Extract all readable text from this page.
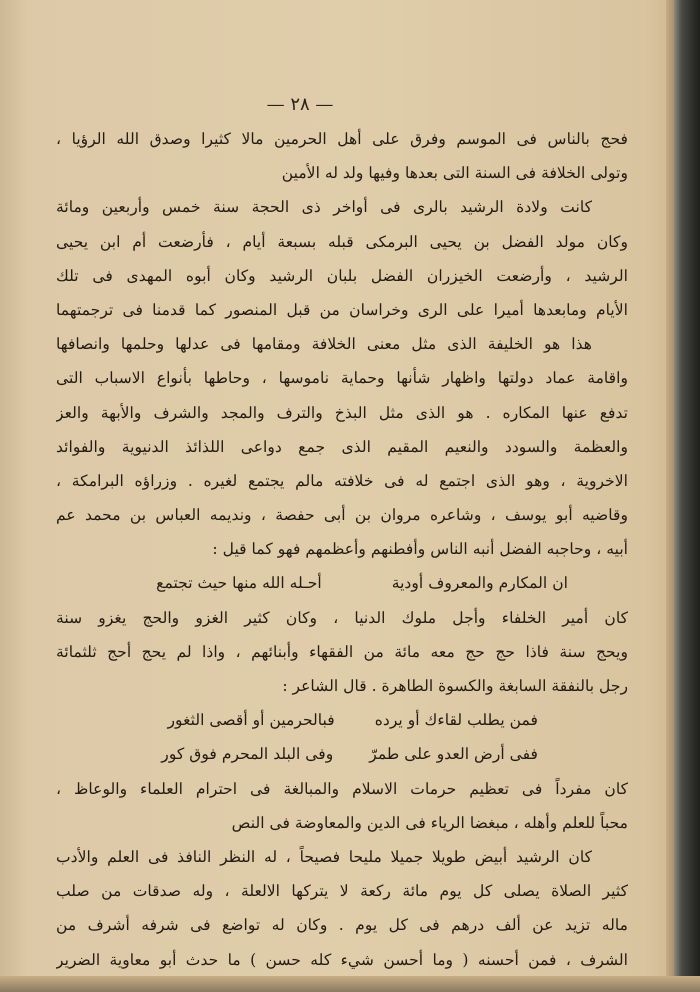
— ٢٨ —
فحج بالناس فى الموسم وفرق على أهل الحرمين مالا كثيرا وصدق الله الرؤيا ،
وتولى الخلافة فى السنة التى بعدها وفيها ولد له الأمين
كانت ولادة الرشيد بالرى فى أواخر ذى الحجة سنة خمس وأربعين ومائة
وكان مولد الفضل بن يحيى البرمكى قبله بسبعة أيام ، فأرضعت أم ابن يحيى
الرشيد ، وأرضعت الخيزران الفضل بلبان الرشيد وكان أبوه المهدى فى تلك
الأيام ومابعدها أميرا على الرى وخراسان من قبل المنصور كما قدمنا فى ترجمتهما
هذا هو الخليفة الذى مثل معنى الخلافة ومقامها فى عدلها وحلمها وانصافها
واقامة عماد دولتها واظهار شأنها وحماية ناموسها ، وحاطها بأنواع الاسباب التى
تدفع عنها المكاره . هو الذى مثل البذخ والترف والمجد والشرف والأبهة والعز
والعظمة والسودد والنعيم المقيم الذى جمع دواعى اللذائذ الدنيوية والفوائد
الاخروية ، وهو الذى اجتمع له فى خلافته مالم يجتمع لغيره . وزراؤه البرامكة ،
وقاضيه أبو يوسف ، وشاعره مروان بن أبى حفصة ، ونديمه العباس بن محمد عم
أبيه ، وحاجبه الفضل أنبه الناس وأفطنهم وأعظمهم فهو كما قيل :
ان المكارم والمعروف أودية
أحـله الله منها حيث تجتمع
كان أمير الخلفاء وأجل ملوك الدنيا ، وكان كثير الغزو والحج يغزو سنة
ويحج سنة فاذا حج حج معه مائة من الفقهاء وأبنائهم ، واذا لم يحج أحج ثلثمائة
رجل بالنفقة السابغة والكسوة الطاهرة . قال الشاعر :
فمن يطلب لقاءك أو يرده
فبالحرمين أو أقصى الثغور
ففى أرض العدو على طمرّ
وفى البلد المحرم فوق كور
كان مفرداً فى تعظيم حرمات الاسلام والمبالغة فى احترام العلماء والوعاظ ،
محباً للعلم وأهله ، مبغضا الرياء فى الدين والمعاوضة فى النص
كان الرشيد أبيض طويلا جميلا مليحا فصيحاً ، له النظر النافذ فى العلم والأدب
كثير الصلاة يصلى كل يوم مائة ركعة لا يتركها الالعلة ، وله صدقات من صلب
ماله تزيد عن ألف درهم فى كل يوم . وكان له تواضع فى شرفه أشرف من
الشرف ، فمن أحسنه ( وما أحسن شيء كله حسن ) ما حدث أبو معاوية الضرير
